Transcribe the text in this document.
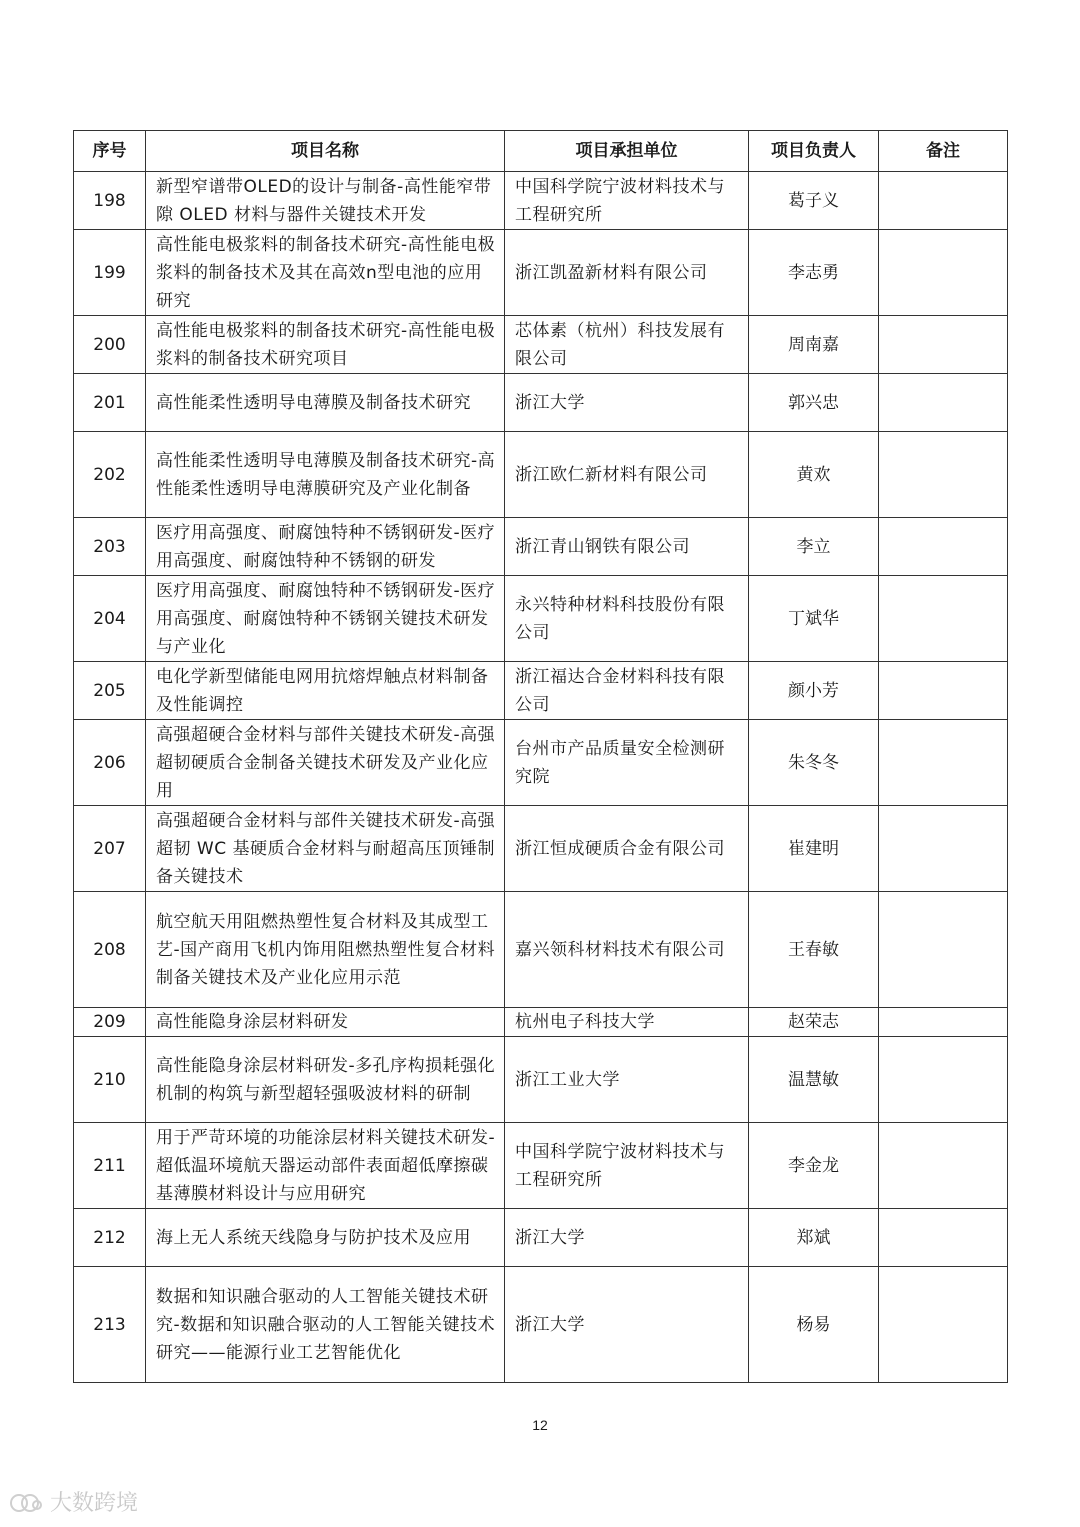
序号	项目名称	项目承担单位	项目负责人	备注
198	新型窄谱带OLED的设计与制备-高性能窄带隙 OLED 材料与器件关键技术开发	中国科学院宁波材料技术与工程研究所	葛子义	
199	高性能电极浆料的制备技术研究-高性能电极浆料的制备技术及其在高效n型电池的应用研究	浙江凯盈新材料有限公司	李志勇	
200	高性能电极浆料的制备技术研究-高性能电极浆料的制备技术研究项目	芯体素（杭州）科技发展有限公司	周南嘉	
201	高性能柔性透明导电薄膜及制备技术研究	浙江大学	郭兴忠	
202	高性能柔性透明导电薄膜及制备技术研究-高性能柔性透明导电薄膜研究及产业化制备	浙江欧仁新材料有限公司	黄欢	
203	医疗用高强度、耐腐蚀特种不锈钢研发-医疗用高强度、耐腐蚀特种不锈钢的研发	浙江青山钢铁有限公司	李立	
204	医疗用高强度、耐腐蚀特种不锈钢研发-医疗用高强度、耐腐蚀特种不锈钢关键技术研发与产业化	永兴特种材料科技股份有限公司	丁斌华	
205	电化学新型储能电网用抗熔焊触点材料制备及性能调控	浙江福达合金材料科技有限公司	颜小芳	
206	高强超硬合金材料与部件关键技术研发-高强超韧硬质合金制备关键技术研发及产业化应用	台州市产品质量安全检测研究院	朱冬冬	
207	高强超硬合金材料与部件关键技术研发-高强超韧 WC 基硬质合金材料与耐超高压顶锤制备关键技术	浙江恒成硬质合金有限公司	崔建明	
208	航空航天用阻燃热塑性复合材料及其成型工艺-国产商用飞机内饰用阻燃热塑性复合材料制备关键技术及产业化应用示范	嘉兴领科材料技术有限公司	王春敏	
209	高性能隐身涂层材料研发	杭州电子科技大学	赵荣志	
210	高性能隐身涂层材料研发-多孔序构损耗强化机制的构筑与新型超轻强吸波材料的研制	浙江工业大学	温慧敏	
211	用于严苛环境的功能涂层材料关键技术研发-超低温环境航天器运动部件表面超低摩擦碳基薄膜材料设计与应用研究	中国科学院宁波材料技术与工程研究所	李金龙	
212	海上无人系统天线隐身与防护技术及应用	浙江大学	郑斌	
213	数据和知识融合驱动的人工智能关键技术研究-数据和知识融合驱动的人工智能关键技术研究——能源行业工艺智能优化	浙江大学	杨易	
12
大数跨境
